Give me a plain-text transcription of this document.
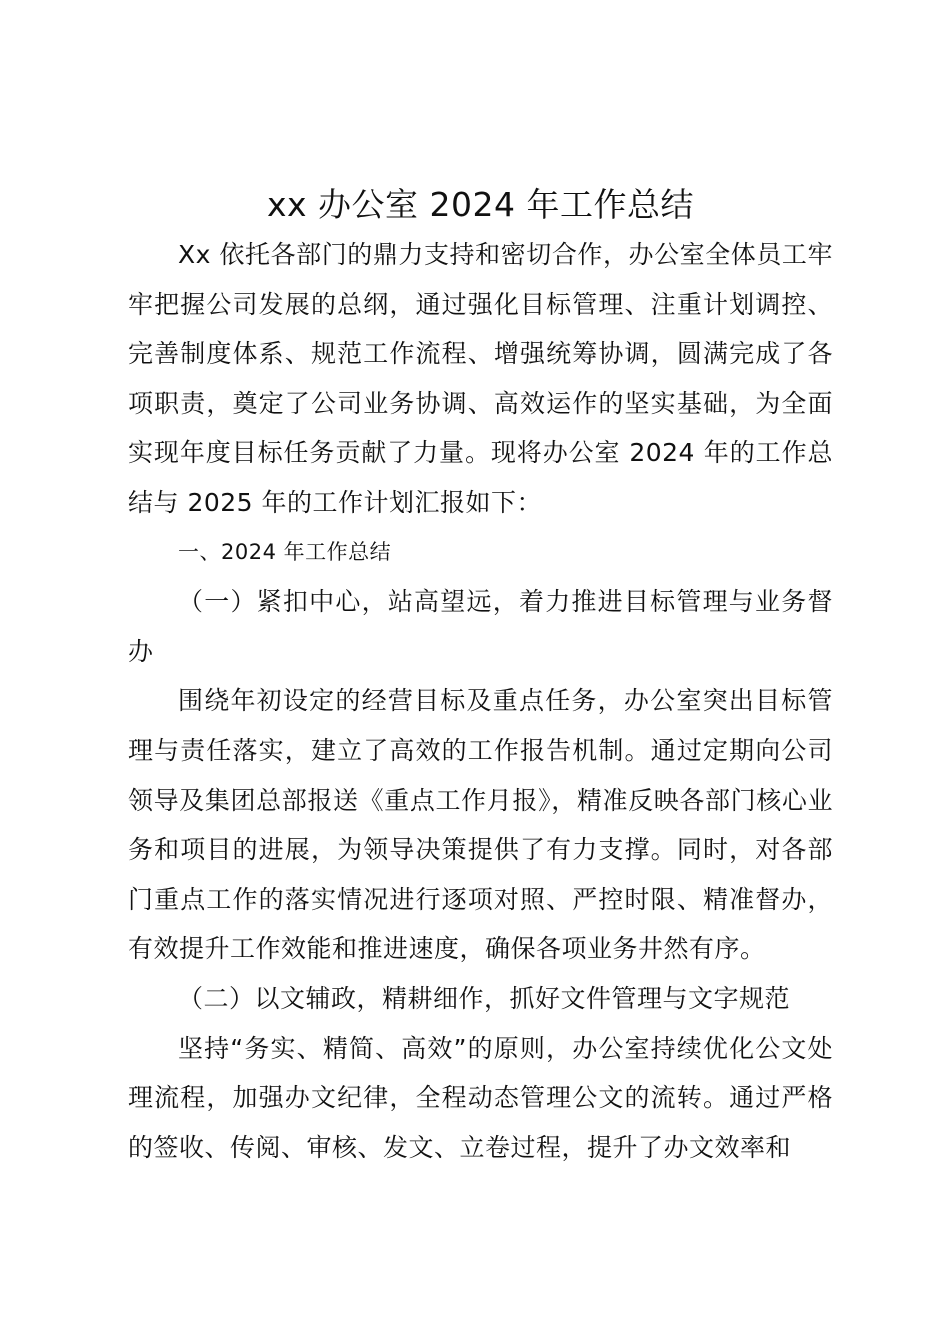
xx 办公室 2024 年工作总结

Xx 依托各部门的鼎力支持和密切合作，办公室全体员工牢牢把握公司发展的总纲，通过强化目标管理、注重计划调控、完善制度体系、规范工作流程、增强统筹协调，圆满完成了各项职责，奠定了公司业务协调、高效运作的坚实基础，为全面实现年度目标任务贡献了力量。现将办公室 2024 年的工作总结与 2025 年的工作计划汇报如下：

一、2024 年工作总结

（一）紧扣中心，站高望远，着力推进目标管理与业务督办

围绕年初设定的经营目标及重点任务，办公室突出目标管理与责任落实，建立了高效的工作报告机制。通过定期向公司领导及集团总部报送《重点工作月报》，精准反映各部门核心业务和项目的进展，为领导决策提供了有力支撑。同时，对各部门重点工作的落实情况进行逐项对照、严控时限、精准督办，有效提升工作效能和推进速度，确保各项业务井然有序。

（二）以文辅政，精耕细作，抓好文件管理与文字规范

坚持“务实、精简、高效”的原则，办公室持续优化公文处理流程，加强办文纪律，全程动态管理公文的流转。通过严格的签收、传阅、审核、发文、立卷过程，提升了办文效率和
